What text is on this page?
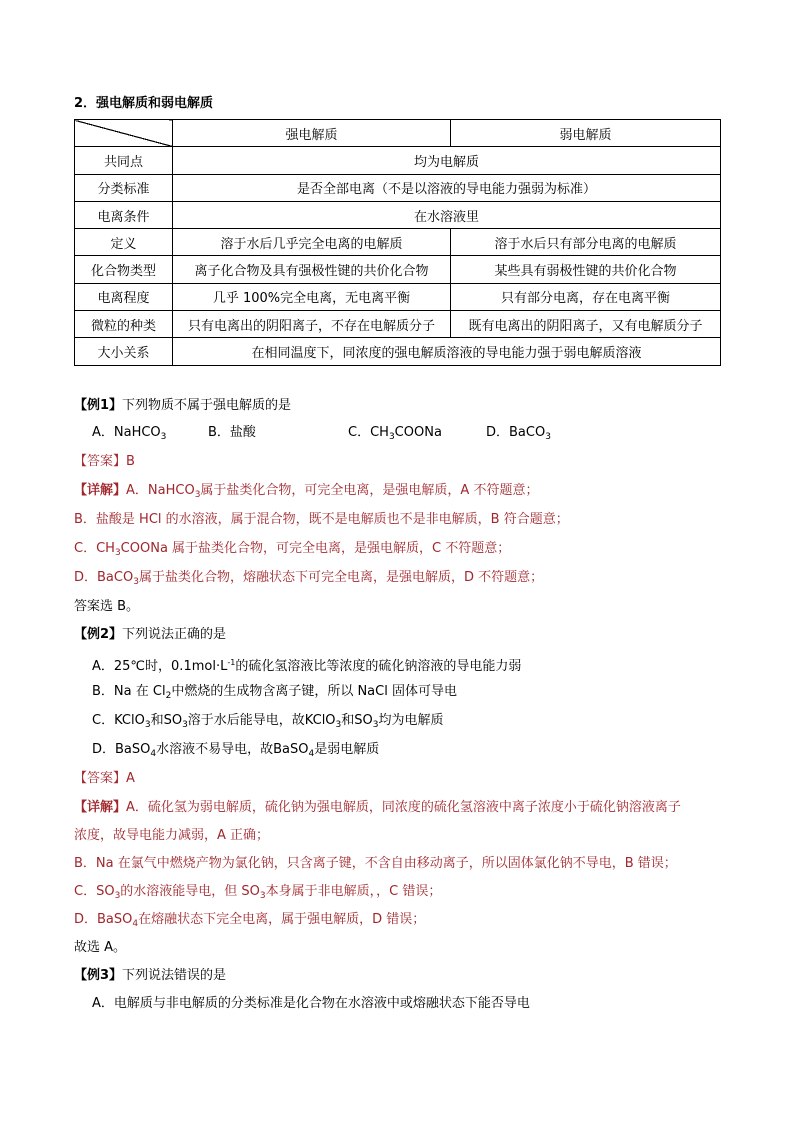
2．强电解质和弱电解质
	强电解质	弱电解质
共同点	均为电解质	
分类标准	是否全部电离（不是以溶液的导电能力强弱为标准）	
电离条件	在水溶液里	
定义	溶于水后几乎完全电离的电解质	溶于水后只有部分电离的电解质
化合物类型	离子化合物及具有强极性键的共价化合物	某些具有弱极性键的共价化合物
电离程度	几乎 100%完全电离，无电离平衡	只有部分电离，存在电离平衡
微粒的种类	只有电离出的阴阳离子，不存在电解质分子	既有电离出的阴阳离子，又有电解质分子
大小关系	在相同温度下，同浓度的强电解质溶液的导电能力强于弱电解质溶液	
【例1】下列物质不属于强电解质的是
A．NaHCO$_3$	B．盐酸	C．$CH_3COONa$	D．BaCO$_3$
【答案】B
【详解】A．NaHCO$_3$属于盐类化合物，可完全电离，是强电解质，A 不符题意；
B．盐酸是 HCl 的水溶液，属于混合物，既不是电解质也不是非电解质，B 符合题意；
C．$CH_3COONa$ 属于盐类化合物，可完全电离，是强电解质，C 不符题意；
D．BaCO$_3$属于盐类化合物，熔融状态下可完全电离，是强电解质，D 不符题意；
答案选 B。
【例2】下列说法正确的是
A．25℃时，$0.1mol\cdot L^{-1}$的硫化氢溶液比等浓度的硫化钠溶液的导电能力弱
B．Na 在 $Cl_2$中燃烧的生成物含离子键，所以 NaCl 固体可导电
C．KClO$_3$和$SO_3$溶于水后能导电，故KClO$_3$和$SO_3$均为电解质
D．BaSO$_4$水溶液不易导电，故BaSO$_4$是弱电解质
【答案】A
【详解】A．硫化氢为弱电解质，硫化钠为强电解质，同浓度的硫化氢溶液中离子浓度小于硫化钠溶液离子
浓度，故导电能力减弱，A 正确；
B．Na 在氯气中燃烧产物为氯化钠，只含离子键，不含自由移动离子，所以固体氯化钠不导电，B 错误；
C．$SO_3$的水溶液能导电，但 $SO_3$本身属于非电解质，，C 错误；
D．BaSO$_4$在熔融状态下完全电离，属于强电解质，D 错误；
故选 A。
【例3】下列说法错误的是
A．电解质与非电解质的分类标准是化合物在水溶液中或熔融状态下能否导电
